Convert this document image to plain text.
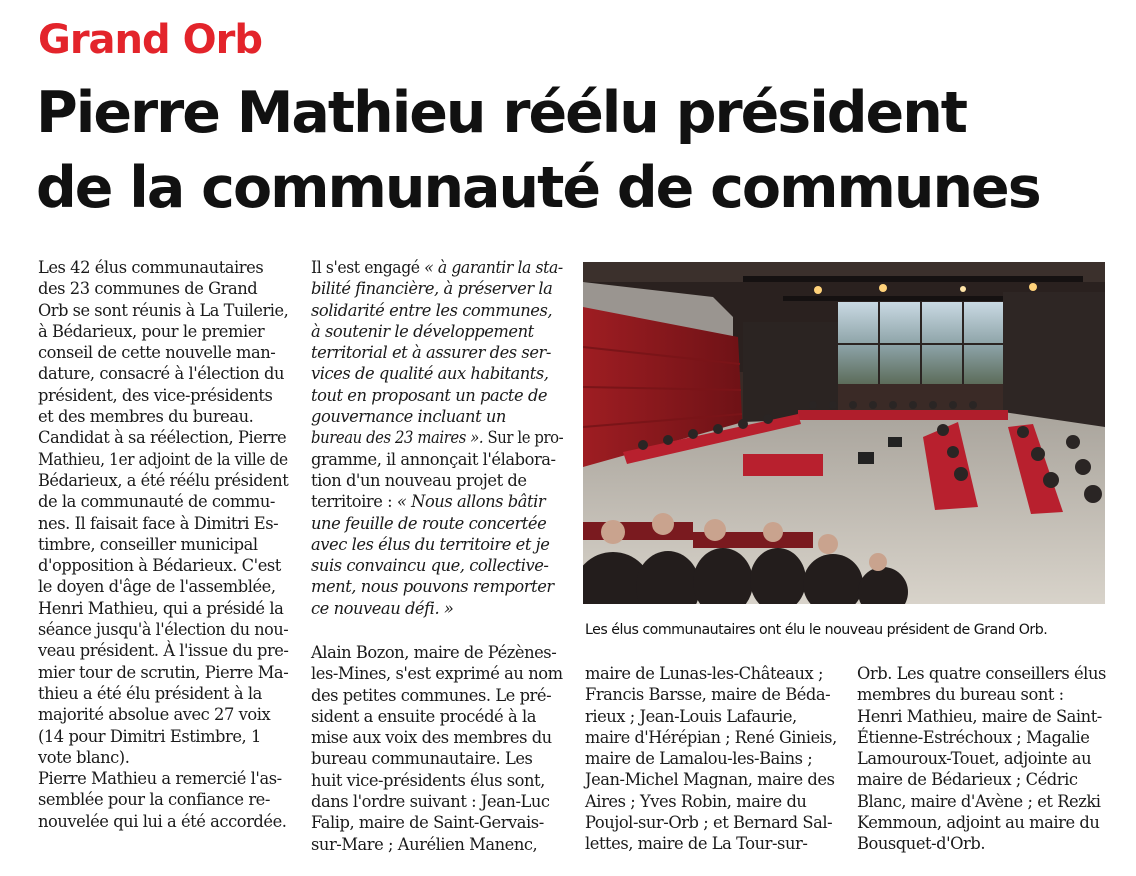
Grand Orb
Pierre Mathieu réélu président
de la communauté de communes

Les 42 élus communautaires
des 23 communes de Grand
Orb se sont réunis à La Tuilerie,
à Bédarieux, pour le premier
conseil de cette nouvelle man-
dature, consacré à l'élection du
président, des vice-présidents
et des membres du bureau.
Candidat à sa réélection, Pierre
Mathieu, 1er adjoint de la ville de
Bédarieux, a été réélu président
de la communauté de commu-
nes. Il faisait face à Dimitri Es-
timbre, conseiller municipal
d'opposition à Bédarieux. C'est
le doyen d'âge de l'assemblée,
Henri Mathieu, qui a présidé la
séance jusqu'à l'élection du nou-
veau président. À l'issue du pre-
mier tour de scrutin, Pierre Ma-
thieu a été élu président à la
majorité absolue avec 27 voix
(14 pour Dimitri Estimbre, 1
vote blanc).

Pierre Mathieu a remercié l'as-
semblée pour la confiance re-
nouvelée qui lui a été accordée.

Il s'est engagé « à garantir la sta-
bilité financière, à préserver la
solidarité entre les communes,
à soutenir le développement
territorial et à assurer des ser-
vices de qualité aux habitants,
tout en proposant un pacte de
gouvernance incluant un
bureau des 23 maires ». Sur le pro-
gramme, il annonçait l'élabora-
tion d'un nouveau projet de
territoire : « Nous allons bâtir
une feuille de route concertée
avec les élus du territoire et je
suis convaincu que, collective-
ment, nous pouvons remporter
ce nouveau défi. »

Alain Bozon, maire de Pézènes-
les-Mines, s'est exprimé au nom
des petites communes. Le pré-
sident a ensuite procédé à la
mise aux voix des membres du
bureau communautaire. Les
huit vice-présidents élus sont,
dans l'ordre suivant : Jean-Luc
Falip, maire de Saint-Gervais-
sur-Mare ; Aurélien Manenc,

Les élus communautaires ont élu le nouveau président de Grand Orb.

maire de Lunas-les-Châteaux ;
Francis Barsse, maire de Béda-
rieux ; Jean-Louis Lafaurie,
maire d'Hérépian ; René Ginieis,
maire de Lamalou-les-Bains ;
Jean-Michel Magnan, maire des
Aires ; Yves Robin, maire du
Poujol-sur-Orb ; et Bernard Sal-
lettes, maire de La Tour-sur-

Orb. Les quatre conseillers élus
membres du bureau sont :
Henri Mathieu, maire de Saint-
Étienne-Estréchoux ; Magalie
Lamouroux-Touet, adjointe au
maire de Bédarieux ; Cédric
Blanc, maire d'Avène ; et Rezki
Kemmoun, adjoint au maire du
Bousquet-d'Orb.
